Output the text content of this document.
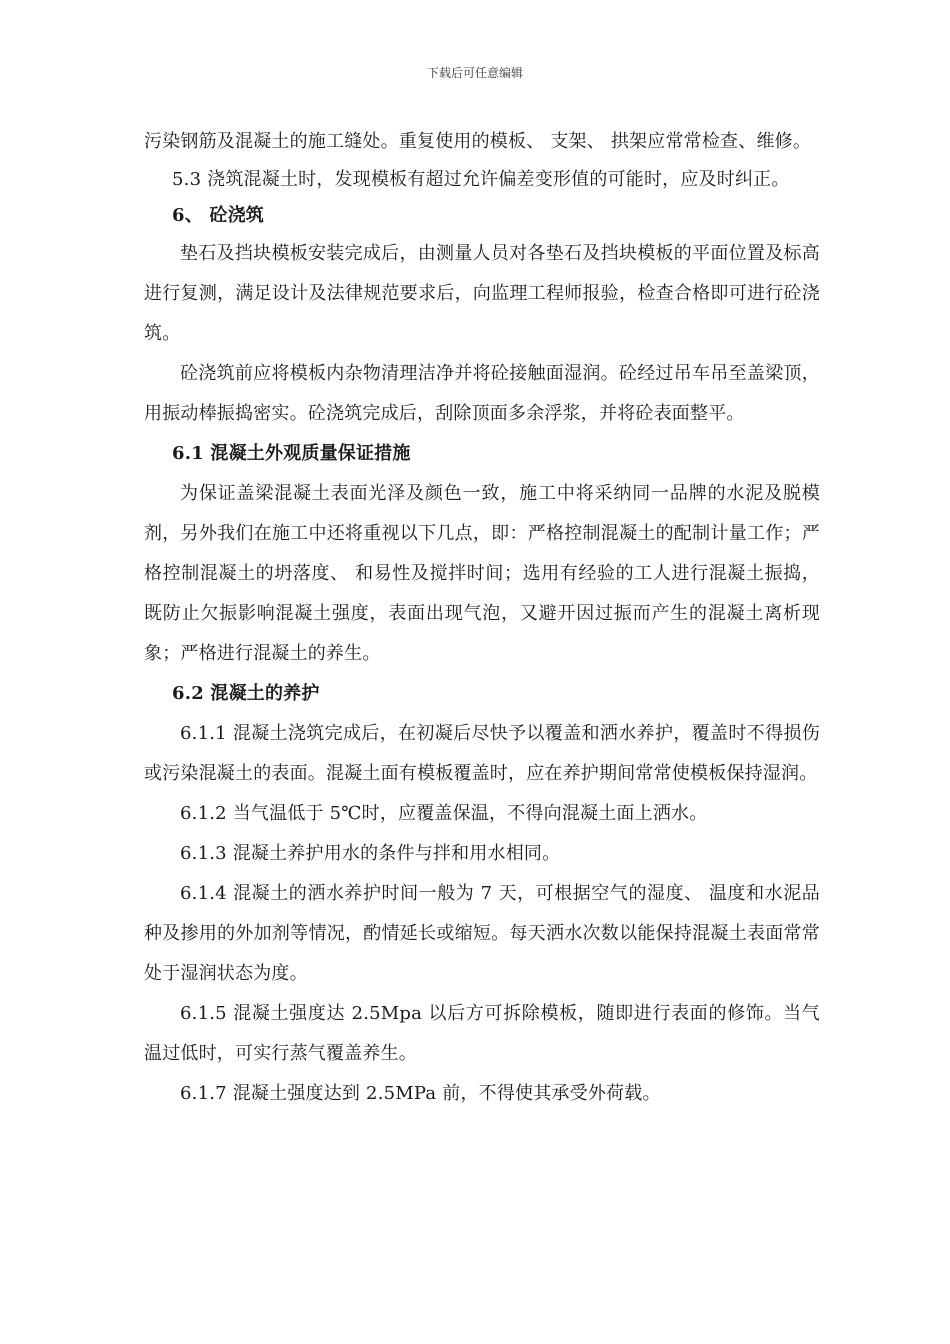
下载后可任意编辑

污染钢筋及混凝土的施工缝处。重复使用的模板、 支架、 拱架应常常检查、维修。

5.3 浇筑混凝土时，发现模板有超过允许偏差变形值的可能时，应及时纠正。

6、 砼浇筑

垫石及挡块模板安装完成后，由测量人员对各垫石及挡块模板的平面位置及标高进行复测，满足设计及法律规范要求后，向监理工程师报验，检查合格即可进行砼浇筑。

砼浇筑前应将模板内杂物清理洁净并将砼接触面湿润。砼经过吊车吊至盖梁顶，用振动棒振捣密实。砼浇筑完成后，刮除顶面多余浮浆，并将砼表面整平。

6.1 混凝土外观质量保证措施

为保证盖梁混凝土表面光泽及颜色一致，施工中将采纳同一品牌的水泥及脱模剂，另外我们在施工中还将重视以下几点，即：严格控制混凝土的配制计量工作；严格控制混凝土的坍落度、 和易性及搅拌时间；选用有经验的工人进行混凝土振捣，既防止欠振影响混凝土强度，表面出现气泡，又避开因过振而产生的混凝土离析现象；严格进行混凝土的养生。

6.2 混凝土的养护

6.1.1 混凝土浇筑完成后，在初凝后尽快予以覆盖和洒水养护，覆盖时不得损伤或污染混凝土的表面。混凝土面有模板覆盖时，应在养护期间常常使模板保持湿润。

6.1.2 当气温低于 5℃时，应覆盖保温，不得向混凝土面上洒水。

6.1.3 混凝土养护用水的条件与拌和用水相同。

6.1.4 混凝土的洒水养护时间一般为 7 天，可根据空气的湿度、 温度和水泥品种及掺用的外加剂等情况，酌情延长或缩短。每天洒水次数以能保持混凝土表面常常处于湿润状态为度。

6.1.5 混凝土强度达 2.5Mpa 以后方可拆除模板，随即进行表面的修饰。当气温过低时，可实行蒸气覆盖养生。

6.1.7 混凝土强度达到 2.5MPa 前，不得使其承受外荷载。
